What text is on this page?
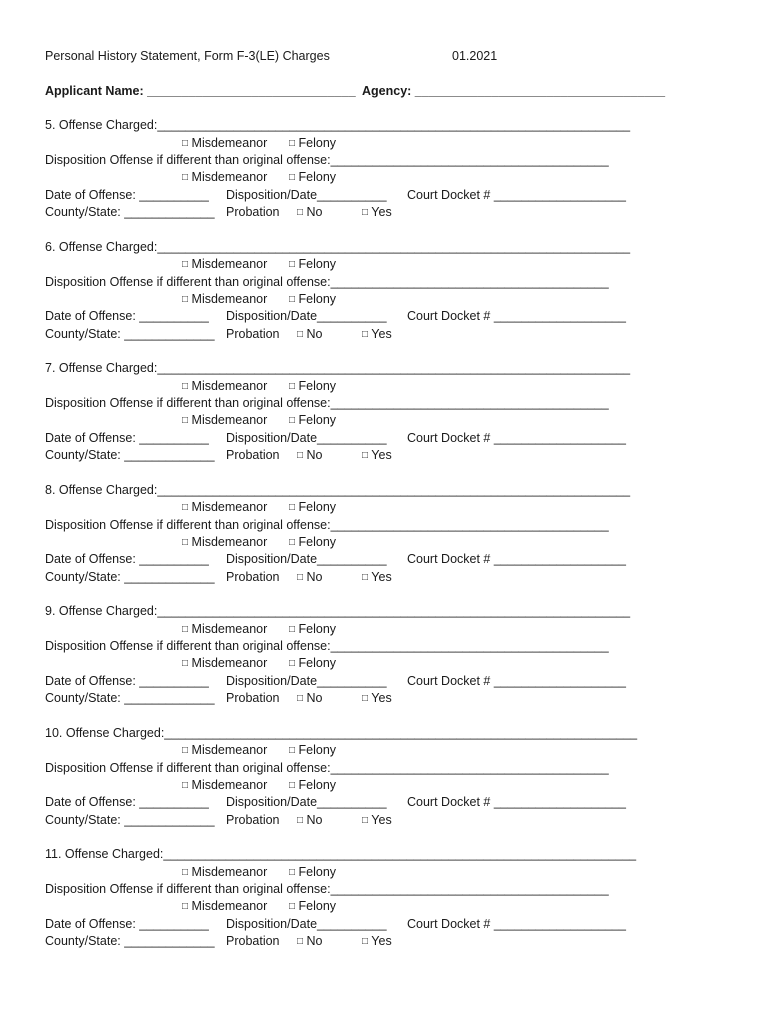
Personal History Statement, Form F-3(LE) Charges	01.2021
Applicant Name: ______________________________ Agency: ____________________________________
5. Offense Charged:____________________________________________________________________
□ Misdemeanor □ Felony
Disposition Offense if different than original offense:________________________________________
□ Misdemeanor □ Felony
Date of Offense: __________ Disposition/Date__________ Court Docket # ___________________
County/State: _____________ Probation □ No	□ Yes
6. Offense Charged:____________________________________________________________________
□ Misdemeanor □ Felony
Disposition Offense if different than original offense:________________________________________
□ Misdemeanor □ Felony
Date of Offense: __________ Disposition/Date__________ Court Docket # ___________________
County/State: _____________ Probation □ No	□ Yes
7. Offense Charged:____________________________________________________________________
□ Misdemeanor □ Felony
Disposition Offense if different than original offense:________________________________________
□ Misdemeanor □ Felony
Date of Offense: __________ Disposition/Date__________ Court Docket # ___________________
County/State: _____________ Probation □ No	□ Yes
8. Offense Charged:____________________________________________________________________
□ Misdemeanor □ Felony
Disposition Offense if different than original offense:________________________________________
□ Misdemeanor □ Felony
Date of Offense: __________ Disposition/Date__________ Court Docket # ___________________
County/State: _____________ Probation □ No	□ Yes
9. Offense Charged:____________________________________________________________________
□ Misdemeanor □ Felony
Disposition Offense if different than original offense:________________________________________
□ Misdemeanor □ Felony
Date of Offense: __________ Disposition/Date__________ Court Docket # ___________________
County/State: _____________ Probation □ No	□ Yes
10. Offense Charged:____________________________________________________________________
□ Misdemeanor □ Felony
Disposition Offense if different than original offense:________________________________________
□ Misdemeanor □ Felony
Date of Offense: __________ Disposition/Date__________ Court Docket # ___________________
County/State: _____________ Probation □ No	□ Yes
11. Offense Charged:____________________________________________________________________
□ Misdemeanor □ Felony
Disposition Offense if different than original offense:________________________________________
□ Misdemeanor □ Felony
Date of Offense: __________ Disposition/Date__________ Court Docket # ___________________
County/State: _____________ Probation □ No	□ Yes
